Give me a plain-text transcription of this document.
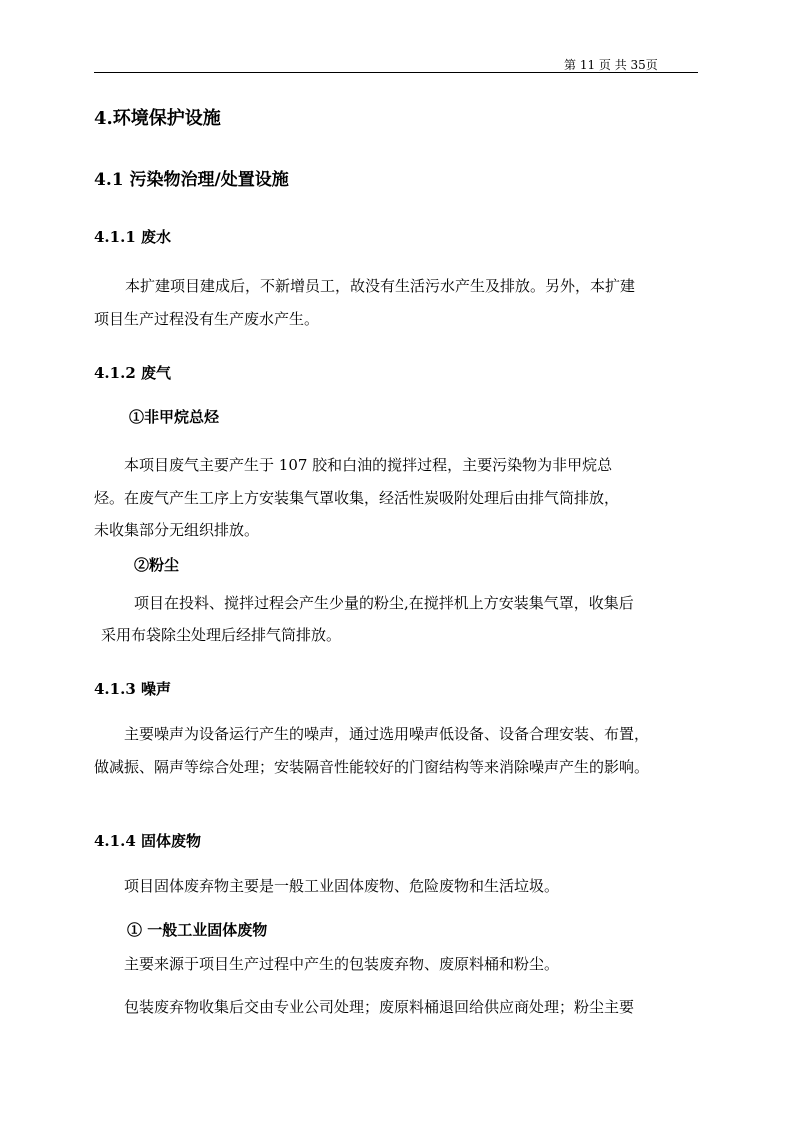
第 11 页 共 35页

4.环境保护设施

4.1 污染物治理/处置设施

4.1.1 废水

本扩建项目建成后，不新增员工，故没有生活污水产生及排放。另外，本扩建

项目生产过程没有生产废水产生。

4.1.2 废气

①非甲烷总烃

本项目废气主要产生于 107 胶和白油的搅拌过程，主要污染物为非甲烷总

烃。在废气产生工序上方安装集气罩收集，经活性炭吸附处理后由排气筒排放，

未收集部分无组织排放。

②粉尘

项目在投料、搅拌过程会产生少量的粉尘,在搅拌机上方安装集气罩，收集后

采用布袋除尘处理后经排气筒排放。

4.1.3 噪声

主要噪声为设备运行产生的噪声，通过选用噪声低设备、设备合理安装、布置，

做减振、隔声等综合处理；安装隔音性能较好的门窗结构等来消除噪声产生的影响。

4.1.4 固体废物

项目固体废弃物主要是一般工业固体废物、危险废物和生活垃圾。

① 一般工业固体废物

主要来源于项目生产过程中产生的包装废弃物、废原料桶和粉尘。

包装废弃物收集后交由专业公司处理；废原料桶退回给供应商处理；粉尘主要
